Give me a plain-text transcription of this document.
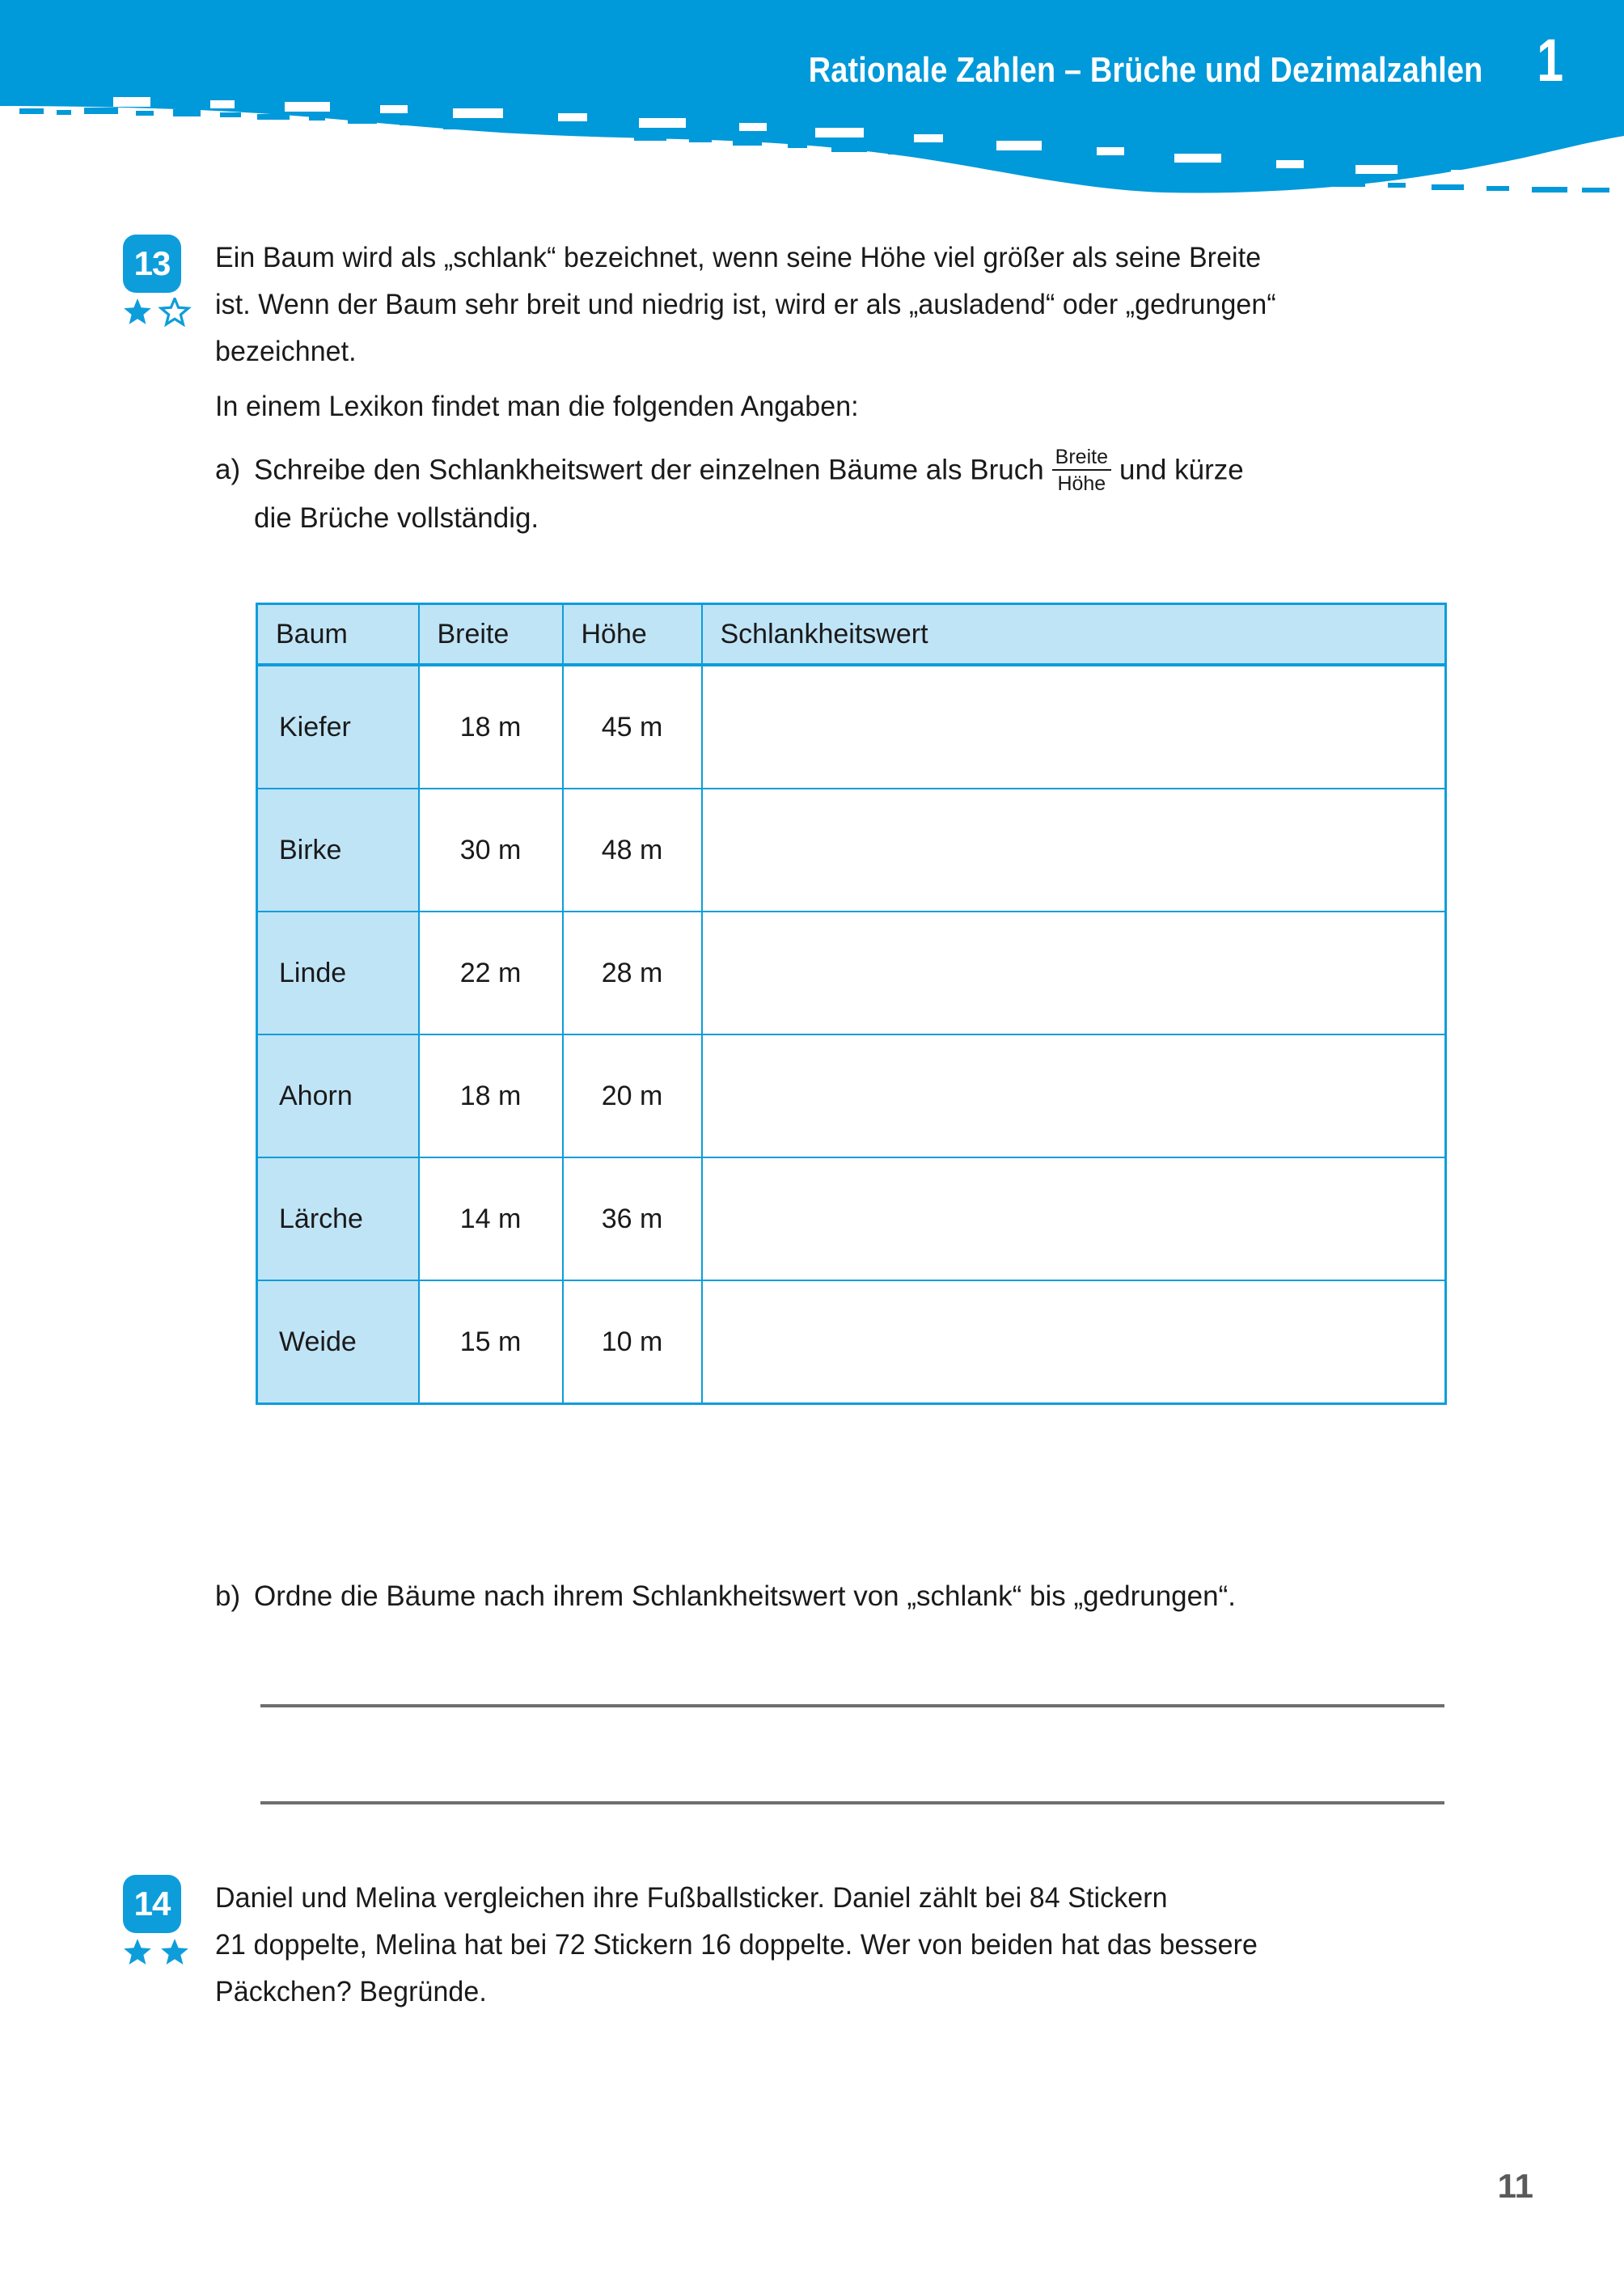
Rationale Zahlen – Brüche und Dezimalzahlen 1
13	Ein Baum wird als „schlank“ bezeichnet, wenn seine Höhe viel größer als seine Breite
ist. Wenn der Baum sehr breit und niedrig ist, wird er als „ausladend“ oder „gedrungen“
bezeichnet.
In einem Lexikon findet man die folgenden Angaben:
a) Schreibe den Schlankheitswert der einzelnen Bäume als Bruch $\frac{\text{Breite}}{\text{Höhe}}$ und kürze
die Brüche vollständig.
Baum	Breite	Höhe	Schlankheitswert
Kiefer	18 m	45 m	
Birke	30 m	48 m	
Linde	22 m	28 m	
Ahorn	18 m	20 m	
Lärche	14 m	36 m	
Weide	15 m	10 m	
b) Ordne die Bäume nach ihrem Schlankheitswert von „schlank“ bis „gedrungen“.
14	Daniel und Melina vergleichen ihre Fußballsticker. Daniel zählt bei 84 Stickern
21 doppelte, Melina hat bei 72 Stickern 16 doppelte. Wer von beiden hat das bessere
Päckchen? Begründe.
11
